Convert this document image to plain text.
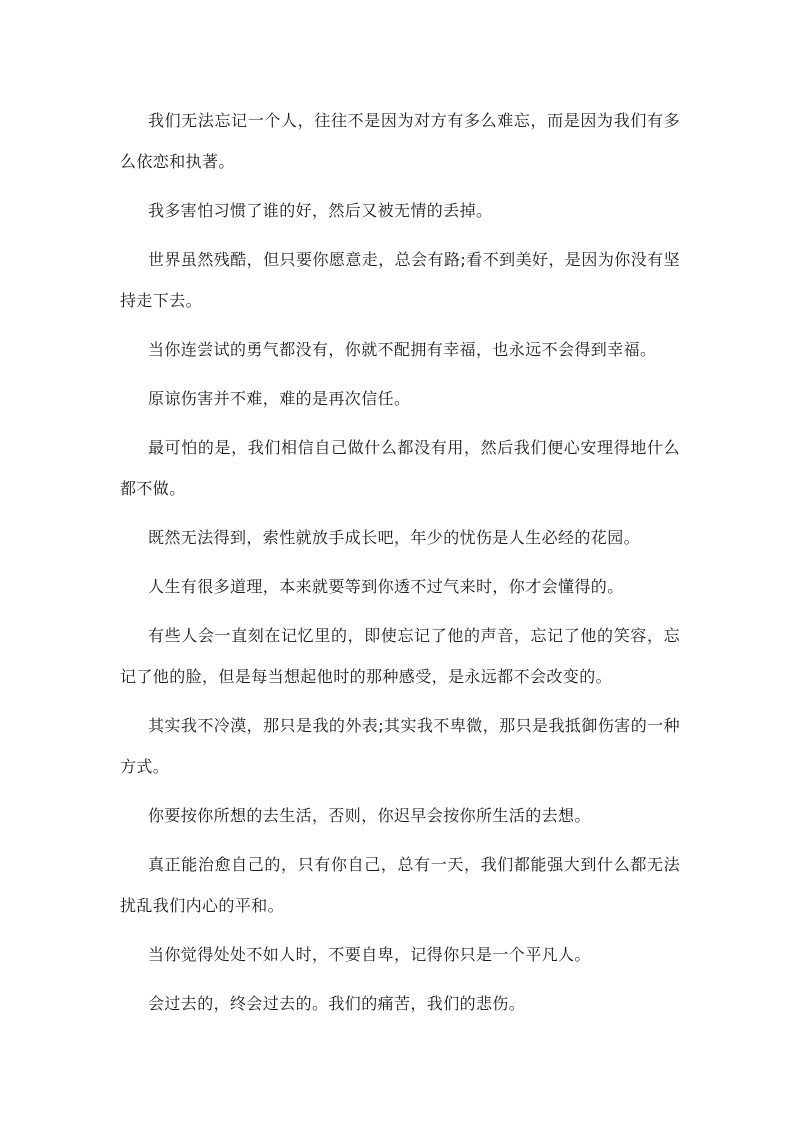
我们无法忘记一个人，往往不是因为对方有多么难忘，而是因为我们有多么依恋和执著。

我多害怕习惯了谁的好，然后又被无情的丢掉。

世界虽然残酷，但只要你愿意走，总会有路;看不到美好，是因为你没有坚持走下去。

当你连尝试的勇气都没有，你就不配拥有幸福，也永远不会得到幸福。

原谅伤害并不难，难的是再次信任。

最可怕的是，我们相信自己做什么都没有用，然后我们便心安理得地什么都不做。

既然无法得到，索性就放手成长吧，年少的忧伤是人生必经的花园。

人生有很多道理，本来就要等到你透不过气来时，你才会懂得的。

有些人会一直刻在记忆里的，即使忘记了他的声音，忘记了他的笑容，忘记了他的脸，但是每当想起他时的那种感受，是永远都不会改变的。

其实我不冷漠，那只是我的外表;其实我不卑微，那只是我抵御伤害的一种方式。

你要按你所想的去生活，否则，你迟早会按你所生活的去想。

真正能治愈自己的，只有你自己，总有一天，我们都能强大到什么都无法扰乱我们内心的平和。

当你觉得处处不如人时，不要自卑，记得你只是一个平凡人。

会过去的，终会过去的。我们的痛苦，我们的悲伤。
